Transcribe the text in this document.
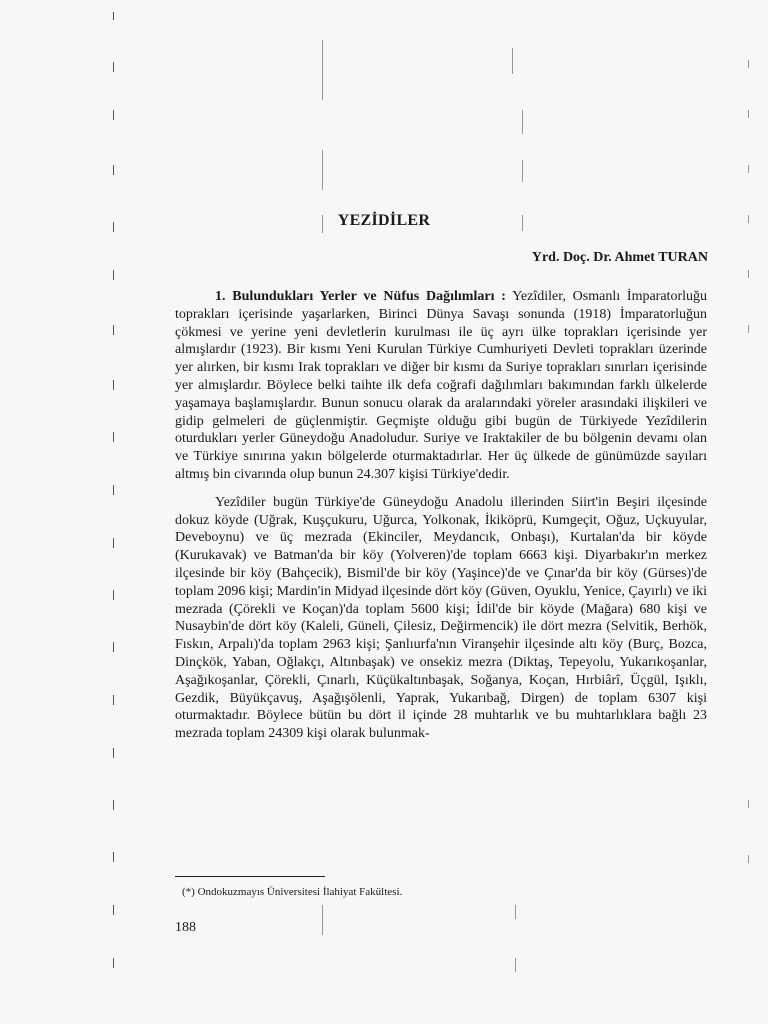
YEZİDİLER
Yrd. Doç. Dr. Ahmet TURAN

1. Bulundukları Yerler ve Nüfus Dağılımları : Yezîdiler, Osmanlı İmparatorluğu toprakları içerisinde yaşarlarken, Birinci Dünya Savaşı sonunda (1918) İmparatorluğun çökmesi ve yerine yeni devletlerin kurulması ile üç ayrı ülke toprakları içerisinde yer almışlardır (1923). Bir kısmı Yeni Kurulan Türkiye Cumhuriyeti Devleti toprakları üzerinde yer alırken, bir kısmı Irak toprakları ve diğer bir kısmı da Suriye toprakları sınırları içerisinde yer almışlardır. Böylece belki taihte ilk defa coğrafi dağılımları bakımından farklı ülkelerde yaşamaya başlamışlardır. Bunun sonucu olarak da aralarındaki yöreler arasındaki ilişkileri ve gidip gelmeleri de güçlenmiştir. Geçmişte olduğu gibi bugün de Türkiyede Yezîdilerin oturdukları yerler Güneydoğu Anadoludur. Suriye ve Iraktakiler de bu bölgenin devamı olan ve Türkiye sınırına yakın bölgelerde oturmaktadırlar. Her üç ülkede de günümüzde sayıları altmış bin civarında olup bunun 24.307 kişisi Türkiye'dedir.

Yezîdiler bugün Türkiye'de Güneydoğu Anadolu illerinden Siirt'in Beşiri ilçesinde dokuz köyde (Uğrak, Kuşçukuru, Uğurca, Yolkonak, İkiköprü, Kumgeçit, Oğuz, Uçkuyular, Deveboynu) ve üç mezrada (Ekinciler, Meydancık, Onbaşı), Kurtalan'da bir köyde (Kurukavak) ve Batman'da bir köy (Yolveren)'de toplam 6663 kişi. Diyarbakır'ın merkez ilçesinde bir köy (Bahçecik), Bismil'de bir köy (Yaşince)'de ve Çınar'da bir köy (Gürses)'de toplam 2096 kişi; Mardin'in Midyad ilçesinde dört köy (Güven, Oyuklu, Yenice, Çayırlı) ve iki mezrada (Çörekli ve Koçan)'da toplam 5600 kişi; İdil'de bir köyde (Mağara) 680 kişi ve Nusaybin'de dört köy (Kaleli, Güneli, Çilesiz, Değirmencik) ile dört mezra (Selvitik, Berhök, Fıskın, Arpalı)'da toplam 2963 kişi; Şanlıurfa'nın Viranşehir ilçesinde altı köy (Burç, Bozca, Dinçkök, Yaban, Oğlakçı, Altınbaşak) ve onsekiz mezra (Diktaş, Tepeyolu, Yukarıkoşanlar, Aşağıkoşanlar, Çörekli, Çınarlı, Küçükaltınbaşak, Soğanya, Koçan, Hırbiârî, Üçgül, Işıklı, Gezdik, Büyükçavuş, Aşağışölenli, Yaprak, Yukarıbağ, Dirgen) de toplam 6307 kişi oturmaktadır. Böylece bütün bu dört il içinde 28 muhtarlık ve bu muhtarlıklara bağlı 23 mezrada toplam 24309 kişi olarak bulunmak-

(*) Ondokuzmayıs Üniversitesi İlahiyat Fakültesi.
188
